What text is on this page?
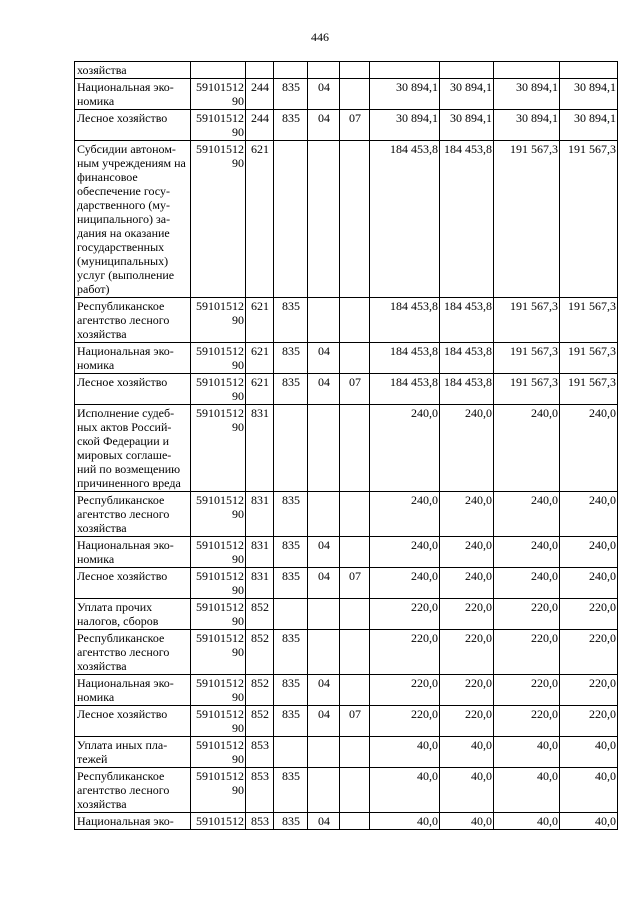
446
хозяйства									
Национальная эко-номика	5910151290	244	835	04		30 894,1	30 894,1	30 894,1	30 894,1
Лесное хозяйство	5910151290	244	835	04	07	30 894,1	30 894,1	30 894,1	30 894,1
Субсидии автоном-ным учреждениям на финансовое обеспечение госу-дарственного (му-ниципального) за-дания на оказание государственных (муниципальных) услуг (выполнение работ)	5910151290	621				184 453,8	184 453,8	191 567,3	191 567,3
Республиканское агентство лесного хозяйства	5910151290	621	835			184 453,8	184 453,8	191 567,3	191 567,3
Национальная эко-номика	5910151290	621	835	04		184 453,8	184 453,8	191 567,3	191 567,3
Лесное хозяйство	5910151290	621	835	04	07	184 453,8	184 453,8	191 567,3	191 567,3
Исполнение судеб-ных актов Россий-ской Федерации и мировых соглаше-ний по возмещению причиненного вреда	5910151290	831				240,0	240,0	240,0	240,0
Республиканское агентство лесного хозяйства	5910151290	831	835			240,0	240,0	240,0	240,0
Национальная эко-номика	5910151290	831	835	04		240,0	240,0	240,0	240,0
Лесное хозяйство	5910151290	831	835	04	07	240,0	240,0	240,0	240,0
Уплата прочих налогов, сборов	5910151290	852				220,0	220,0	220,0	220,0
Республиканское агентство лесного хозяйства	5910151290	852	835			220,0	220,0	220,0	220,0
Национальная эко-номика	5910151290	852	835	04		220,0	220,0	220,0	220,0
Лесное хозяйство	5910151290	852	835	04	07	220,0	220,0	220,0	220,0
Уплата иных пла-тежей	5910151290	853				40,0	40,0	40,0	40,0
Республиканское агентство лесного хозяйства	5910151290	853	835			40,0	40,0	40,0	40,0
Национальная эко-	59101512	853	835	04		40,0	40,0	40,0	40,0
